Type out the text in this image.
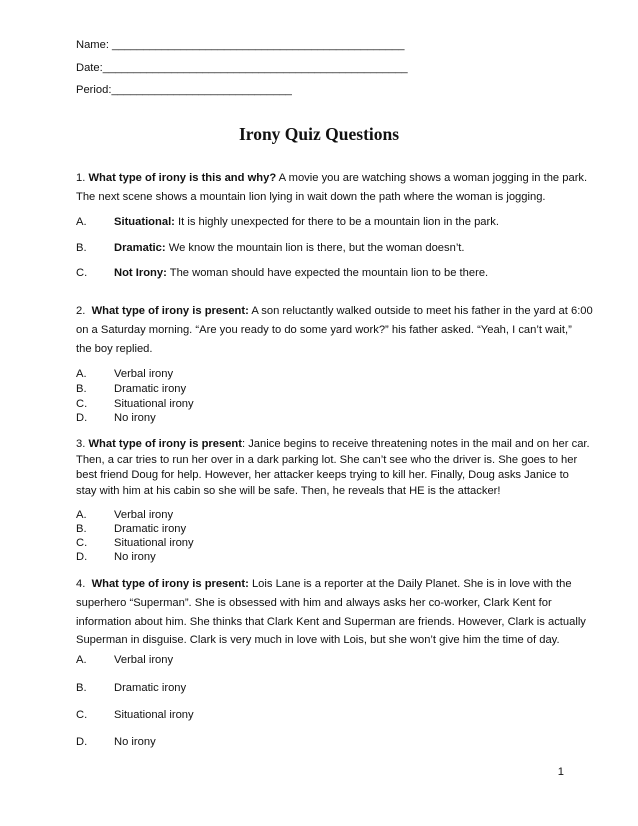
Name: _______________________________________________
Date:_________________________________________________
Period:_____________________________
Irony Quiz Questions
1. What type of irony is this and why? A movie you are watching shows a woman jogging in the park.
The next scene shows a mountain lion lying in wait down the path where the woman is jogging.
A. Situational: It is highly unexpected for there to be a mountain lion in the park.
B. Dramatic: We know the mountain lion is there, but the woman doesn’t.
C. Not Irony: The woman should have expected the mountain lion to be there.
2. What type of irony is present: A son reluctantly walked outside to meet his father in the yard at 6:00
on a Saturday morning. “Are you ready to do some yard work?” his father asked. “Yeah, I can’t wait,”
the boy replied.
A. Verbal irony
B. Dramatic irony
C. Situational irony
D. No irony
3. What type of irony is present: Janice begins to receive threatening notes in the mail and on her car.
Then, a car tries to run her over in a dark parking lot. She can’t see who the driver is. She goes to her
best friend Doug for help. However, her attacker keeps trying to kill her. Finally, Doug asks Janice to
stay with him at his cabin so she will be safe. Then, he reveals that HE is the attacker!
A. Verbal irony
B. Dramatic irony
C. Situational irony
D. No irony
4. What type of irony is present: Lois Lane is a reporter at the Daily Planet. She is in love with the
superhero “Superman”. She is obsessed with him and always asks her co-worker, Clark Kent for
information about him. She thinks that Clark Kent and Superman are friends. However, Clark is actually
Superman in disguise. Clark is very much in love with Lois, but she won’t give him the time of day.
A. Verbal irony
B. Dramatic irony
C. Situational irony
D. No irony
1
